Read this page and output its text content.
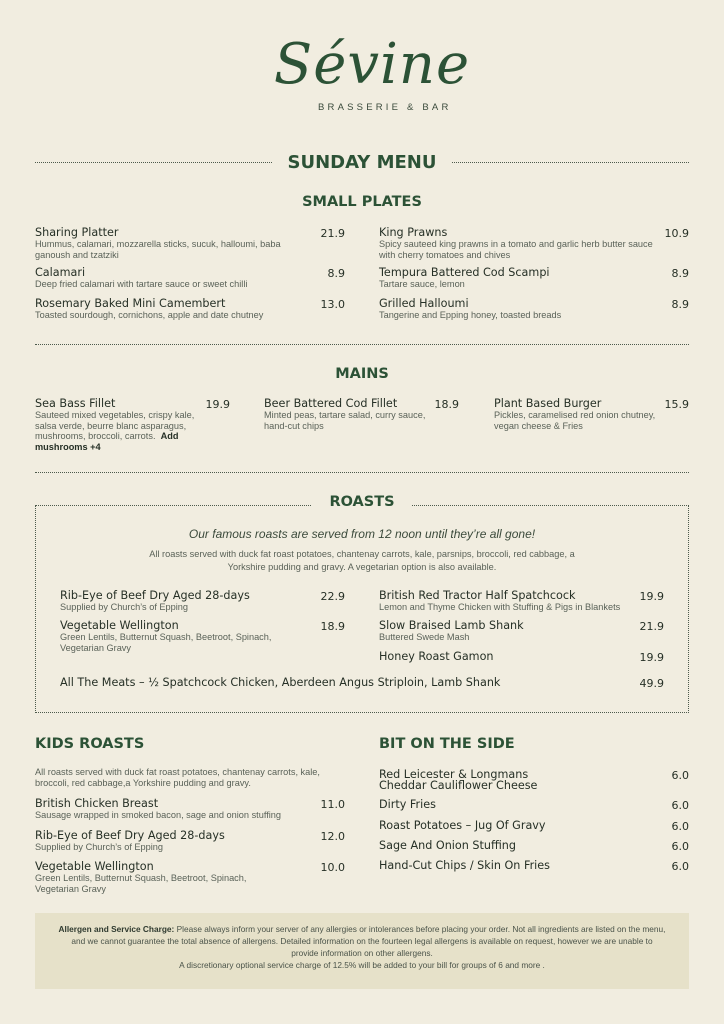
Sévine
BRASSERIE & BAR
SUNDAY MENU
SMALL PLATES
Sharing Platter	21.9
Hummus, calamari, mozzarella sticks, sucuk, halloumi, baba ganoush and tzatziki
Calamari	8.9
Deep fried calamari with tartare sauce or sweet chilli
Rosemary Baked Mini Camembert	13.0
Toasted sourdough, cornichons, apple and date chutney
King Prawns	10.9
Spicy sauteed king prawns in a tomato and garlic herb butter sauce with cherry tomatoes and chives
Tempura Battered Cod Scampi	8.9
Tartare sauce, lemon
Grilled Halloumi	8.9
Tangerine and Epping honey, toasted breads
MAINS
Sea Bass Fillet	19.9
Sauteed mixed vegetables, crispy kale, salsa verde, beurre blanc asparagus, mushrooms, broccoli, carrots. Add mushrooms +4
Beer Battered Cod Fillet	18.9
Minted peas, tartare salad, curry sauce, hand-cut chips
Plant Based Burger	15.9
Pickles, caramelised red onion chutney, vegan cheese & Fries
ROASTS
Our famous roasts are served from 12 noon until they’re all gone!
All roasts served with duck fat roast potatoes, chantenay carrots, kale, parsnips, broccoli, red cabbage, a Yorkshire pudding and gravy. A vegetarian option is also available.
Rib-Eye of Beef Dry Aged 28-days	22.9
Supplied by Church’s of Epping
Vegetable Wellington	18.9
Green Lentils, Butternut Squash, Beetroot, Spinach, Vegetarian Gravy
British Red Tractor Half Spatchcock	19.9
Lemon and Thyme Chicken with Stuffing & Pigs in Blankets
Slow Braised Lamb Shank	21.9
Buttered Swede Mash
Honey Roast Gamon	19.9
All The Meats – ½ Spatchcock Chicken, Aberdeen Angus Striploin, Lamb Shank	49.9
KIDS ROASTS
All roasts served with duck fat roast potatoes, chantenay carrots, kale, broccoli, red cabbage,a Yorkshire pudding and gravy.
British Chicken Breast	11.0
Sausage wrapped in smoked bacon, sage and onion stuffing
Rib-Eye of Beef Dry Aged 28-days	12.0
Supplied by Church’s of Epping
Vegetable Wellington	10.0
Green Lentils, Butternut Squash, Beetroot, Spinach, Vegetarian Gravy
BIT ON THE SIDE
Red Leicester & Longmans Cheddar Cauliflower Cheese
6.0
Dirty Fries	6.0
Roast Potatoes – Jug Of Gravy	6.0
Sage And Onion Stuffing	6.0
Hand-Cut Chips / Skin On Fries	6.0
Allergen and Service Charge: Please always inform your server of any allergies or intolerances before placing your order. Not all ingredients are listed on the menu, and we cannot guarantee the total absence of allergens. Detailed information on the fourteen legal allergens is available on request, however we are unable to provide information on other allergens.
A discretionary optional service charge of 12.5% will be added to your bill for groups of 6 and more .
